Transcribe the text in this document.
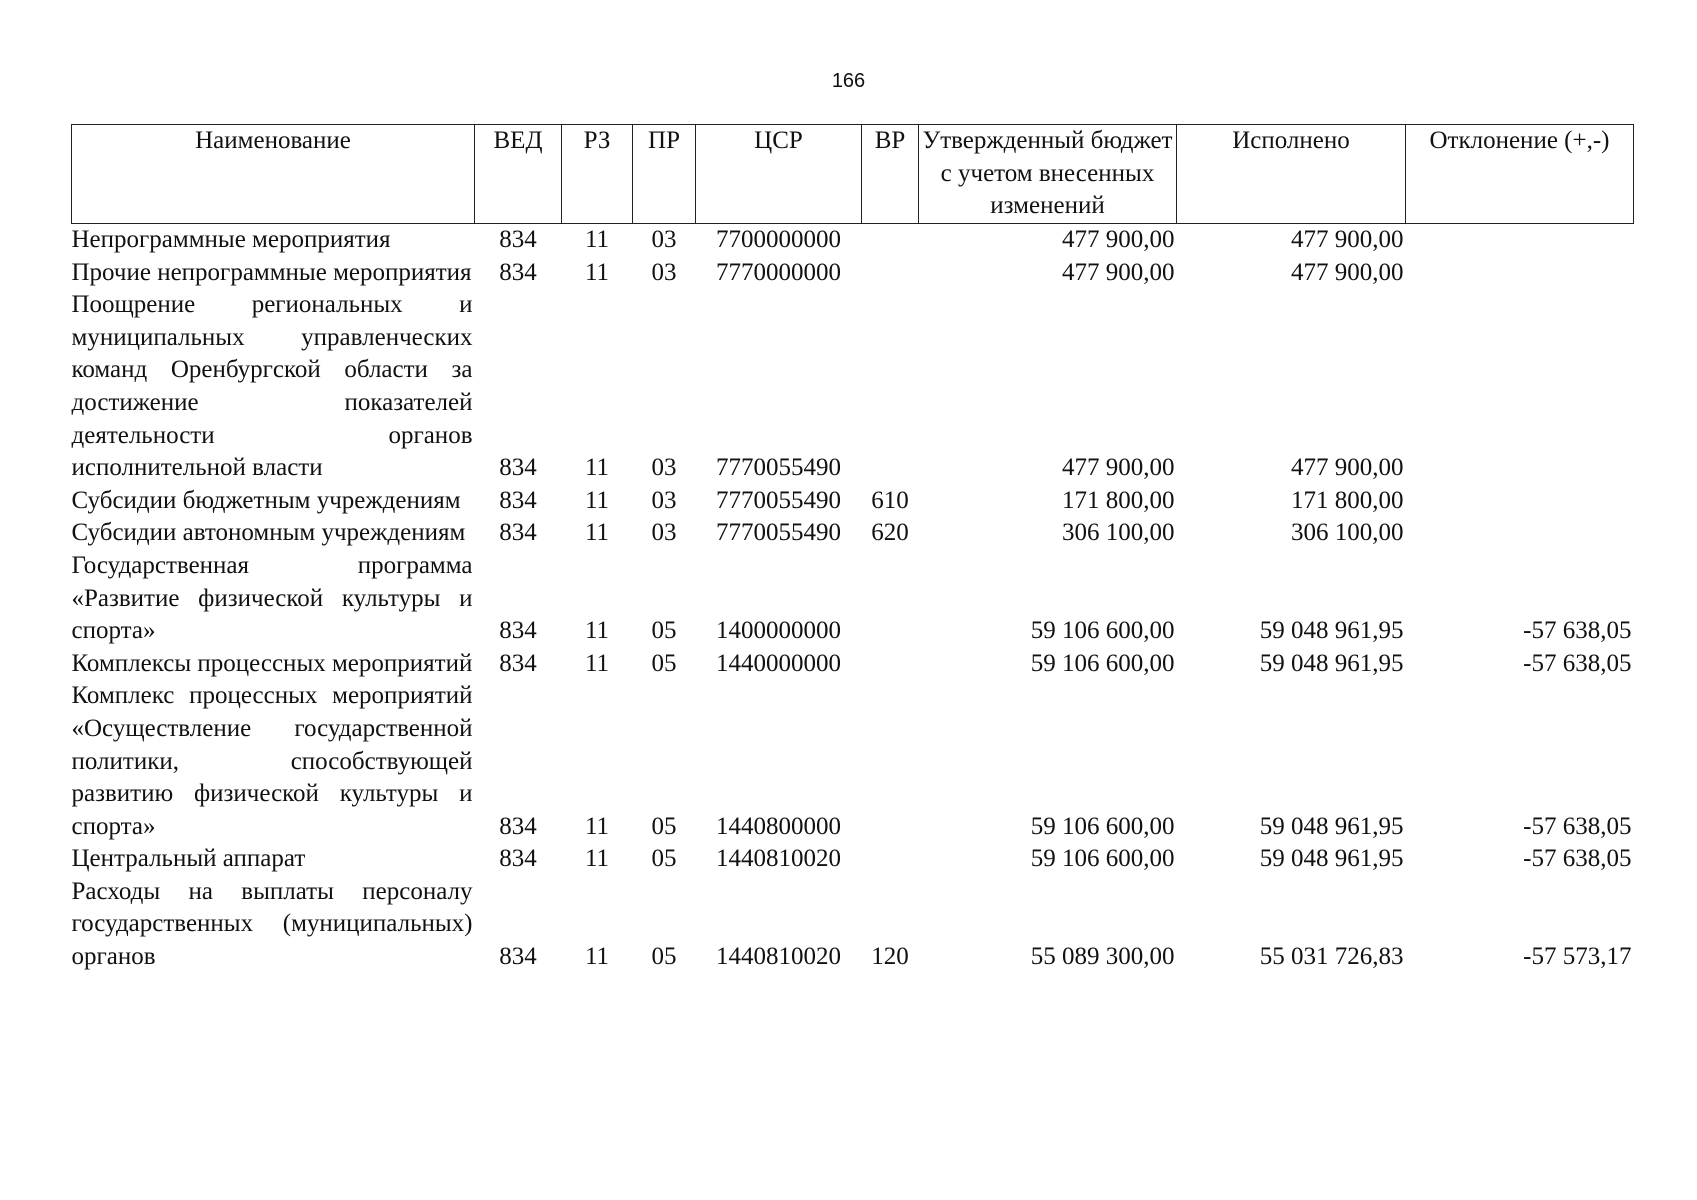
166
Наименование	ВЕД	РЗ	ПР	ЦСР	ВР	Утвержденный бюджет с учетом внесенных изменений	Исполнено	Отклонение (+,-)
Непрограммные мероприятия	834	11	03	7700000000		477 900,00	477 900,00	
Прочие непрограммные мероприятия	834	11	03	7770000000		477 900,00	477 900,00	
Поощрение региональных и муниципальных управленческих команд Оренбургской области за достижение показателей деятельности органов исполнительной власти	834	11	03	7770055490		477 900,00	477 900,00	
Субсидии бюджетным учреждениям	834	11	03	7770055490	610	171 800,00	171 800,00	
Субсидии автономным учреждениям	834	11	03	7770055490	620	306 100,00	306 100,00	
Государственная программа «Развитие физической культуры и спорта»	834	11	05	1400000000		59 106 600,00	59 048 961,95	-57 638,05
Комплексы процессных мероприятий	834	11	05	1440000000		59 106 600,00	59 048 961,95	-57 638,05
Комплекс процессных мероприятий «Осуществление государственной политики, способствующей развитию физической культуры и спорта»	834	11	05	1440800000		59 106 600,00	59 048 961,95	-57 638,05
Центральный аппарат	834	11	05	1440810020		59 106 600,00	59 048 961,95	-57 638,05
Расходы на выплаты персоналу государственных (муниципальных) органов	834	11	05	1440810020	120	55 089 300,00	55 031 726,83	-57 573,17
